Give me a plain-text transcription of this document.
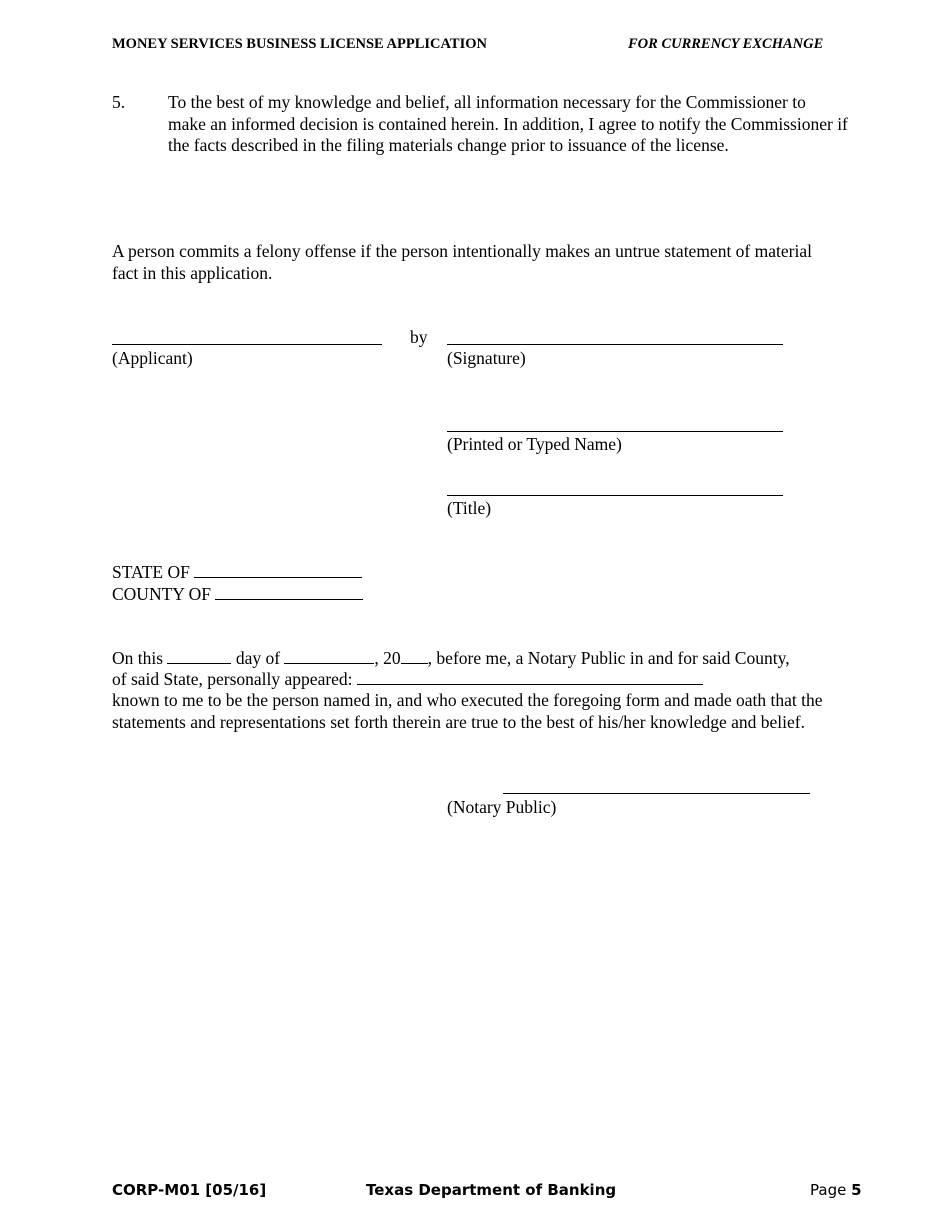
MONEY SERVICES BUSINESS LICENSE APPLICATION	FOR CURRENCY EXCHANGE
5. To the best of my knowledge and belief, all information necessary for the Commissioner to make an informed decision is contained herein. In addition, I agree to notify the Commissioner if the facts described in the filing materials change prior to issuance of the license.
A person commits a felony offense if the person intentionally makes an untrue statement of material fact in this application.
by
(Applicant)	(Signature)
(Printed or Typed Name)
(Title)
STATE OF
COUNTY OF
On this	day of	, 20 , before me, a Notary Public in and for said County,
of said State, personally appeared:
known to me to be the person named in, and who executed the foregoing form and made oath that the statements and representations set forth therein are true to the best of his/her knowledge and belief.
(Notary Public)
CORP-M01 [05/16]	Texas Department of Banking	Page 5
